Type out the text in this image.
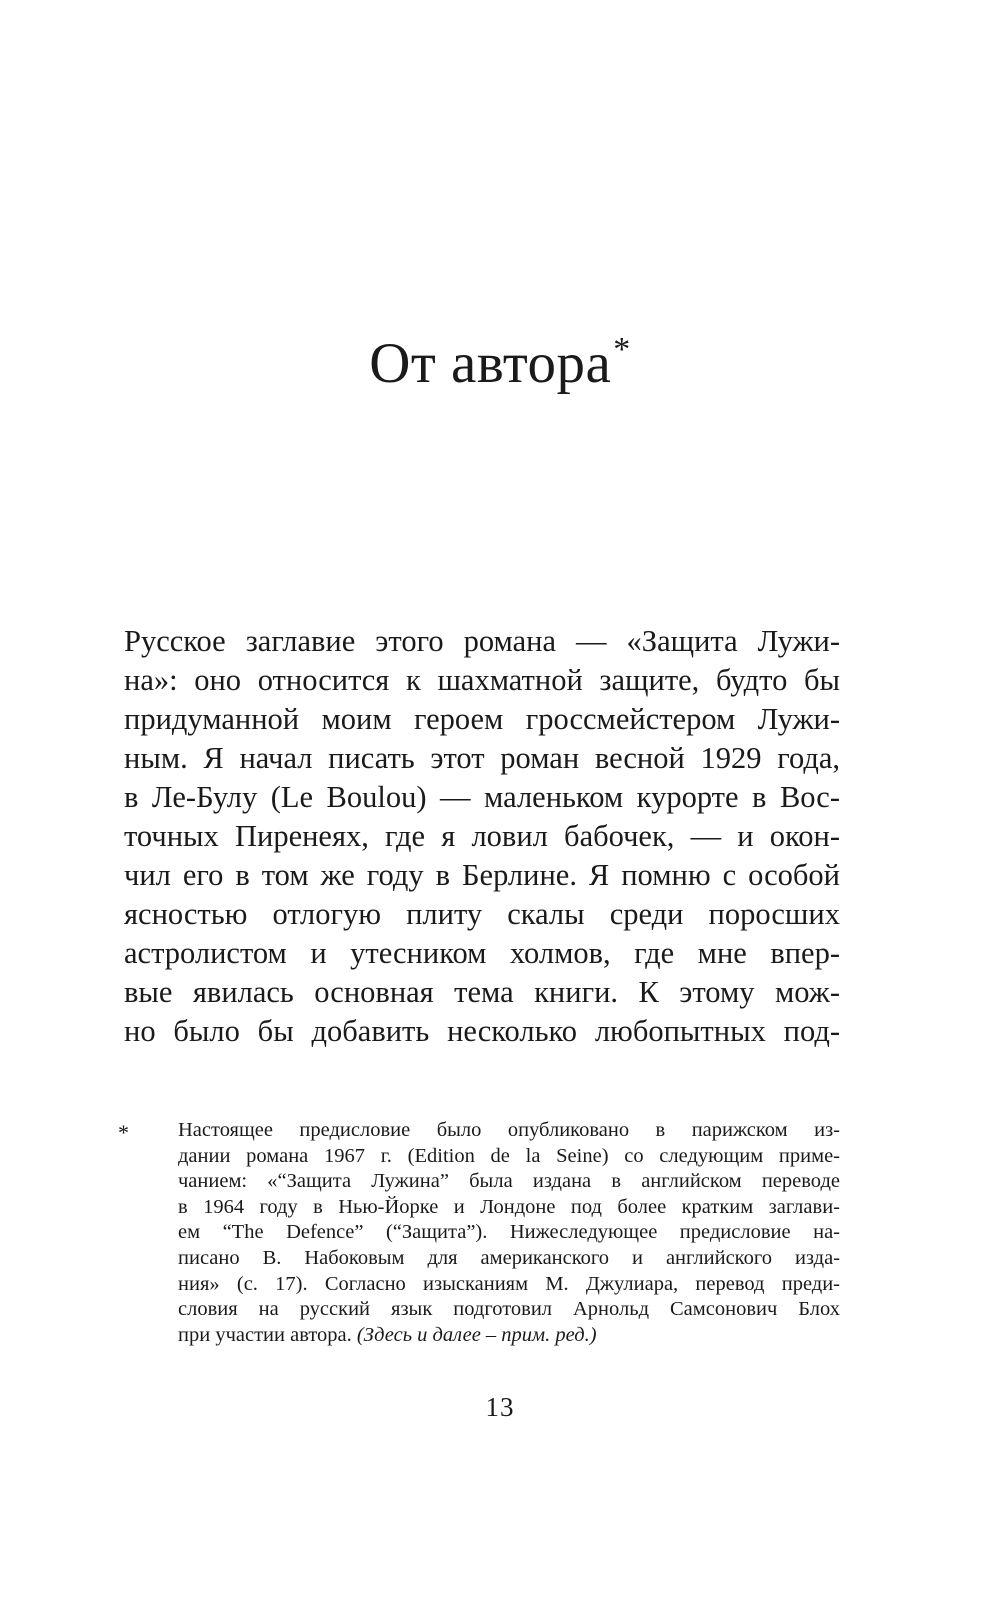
От автора*
Русское заглавие этого романа — «Защита Лужи-
на»: оно относится к шахматной защите, будто бы
придуманной моим героем гроссмейстером Лужи-
ным. Я начал писать этот роман весной 1929 года,
в Ле-Булу (Le Boulou) — маленьком курорте в Вос-
точных Пиренеях, где я ловил бабочек, — и окон-
чил его в том же году в Берлине. Я помню с особой
ясностью отлогую плиту скалы среди поросших
астролистом и утесником холмов, где мне впер-
вые явилась основная тема книги. К этому мож-
но было бы добавить несколько любопытных под-
* Настоящее предисловие было опубликовано в парижском из-
дании романа 1967 г. (Edition de la Seine) со следующим приме-
чанием: «“Защита Лужина” была издана в английском переводе
в 1964 году в Нью-Йорке и Лондоне под более кратким заглави-
ем “The Defence” (“Защита”). Нижеследующее предисловие на-
писано В. Набоковым для американского и английского изда-
ния» (с. 17). Согласно изысканиям М. Джулиара, перевод преди-
словия на русский язык подготовил Арнольд Самсонович Блох
при участии автора. (Здесь и далее – прим. ред.)
13
